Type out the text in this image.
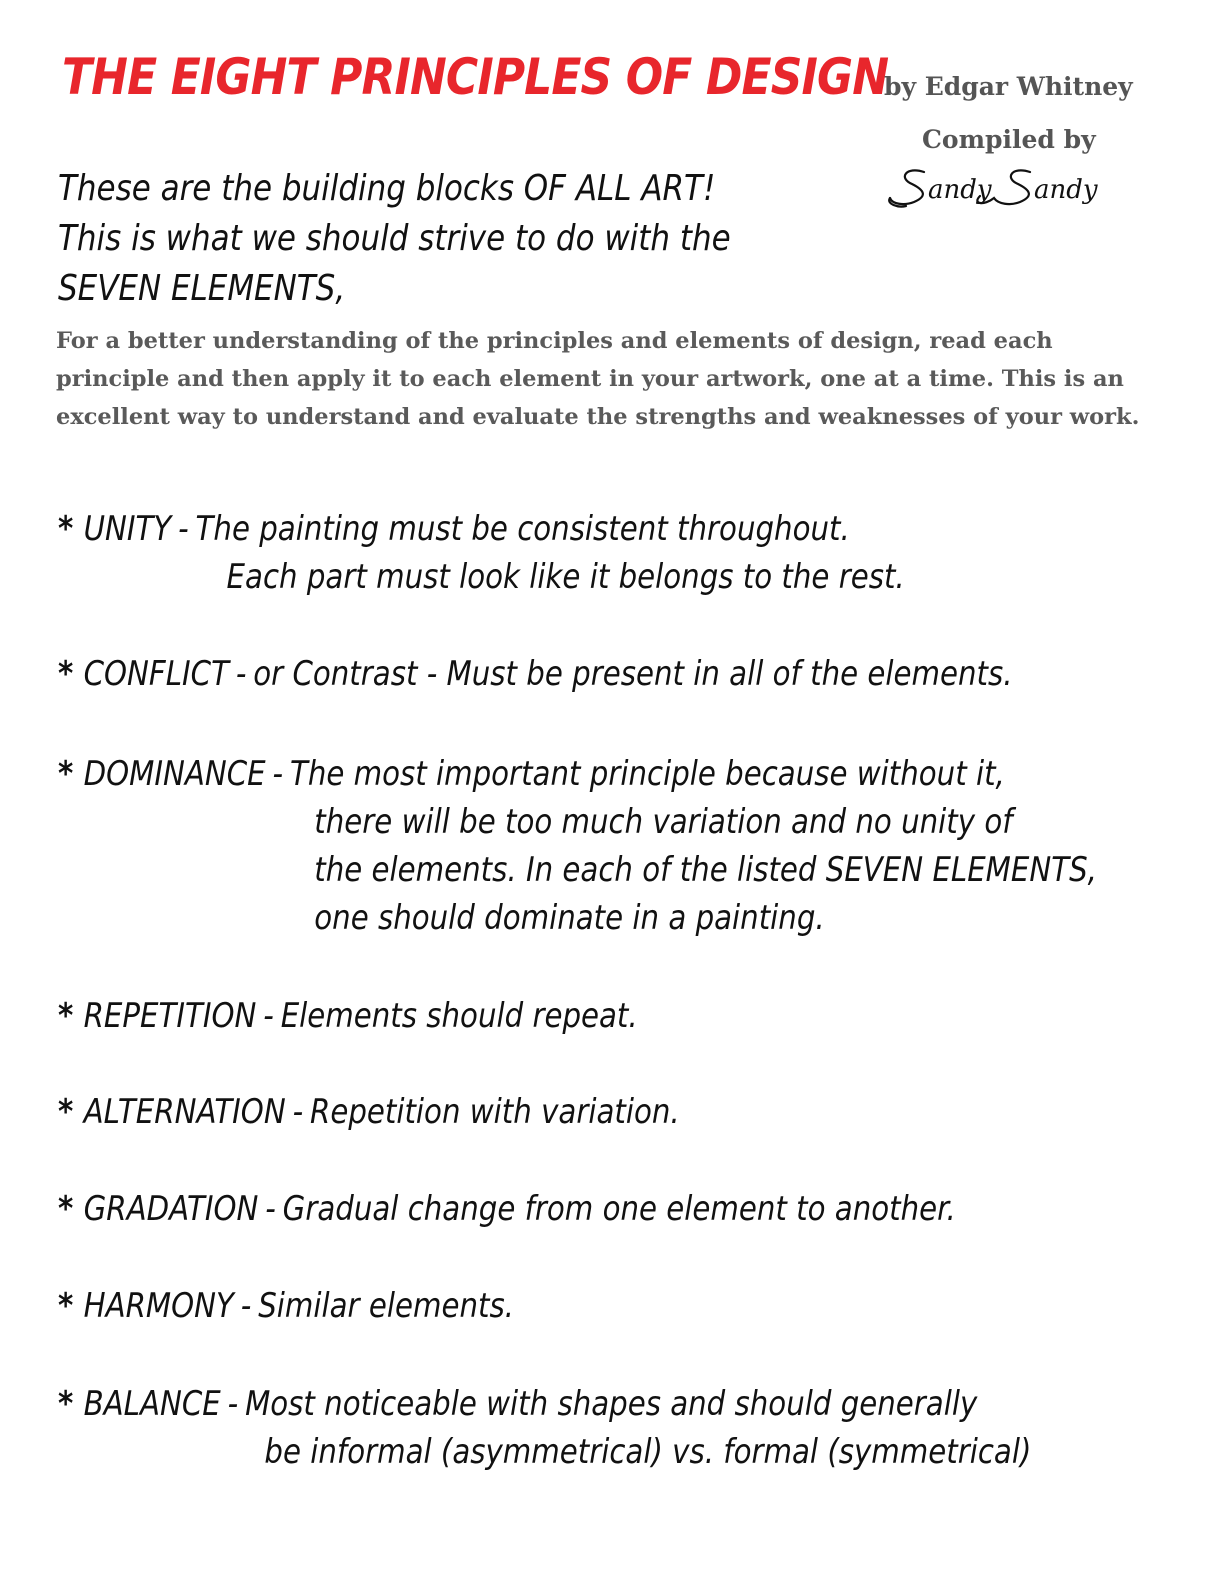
THE EIGHT PRINCIPLES OF DESIGN
by Edgar Whitney
Compiled by
andy andy
These are the building blocks OF ALL ART!
This is what we should strive to do with the
SEVEN ELEMENTS,
For a better understanding of the principles and elements of design, read each principle and then apply it to each element in your artwork, one at a time. This is an excellent way to understand and evaluate the strengths and weaknesses of your work.
* UNITY - The painting must be consistent throughout.
Each part must look like it belongs to the rest.
* CONFLICT - or Contrast - Must be present in all of the elements.
* DOMINANCE - The most important principle because without it,
there will be too much variation and no unity of
the elements. In each of the listed SEVEN ELEMENTS,
one should dominate in a painting.
* REPETITION - Elements should repeat.
* ALTERNATION - Repetition with variation.
* GRADATION - Gradual change from one element to another.
* HARMONY - Similar elements.
* BALANCE - Most noticeable with shapes and should generally
be informal (asymmetrical) vs. formal (symmetrical)
